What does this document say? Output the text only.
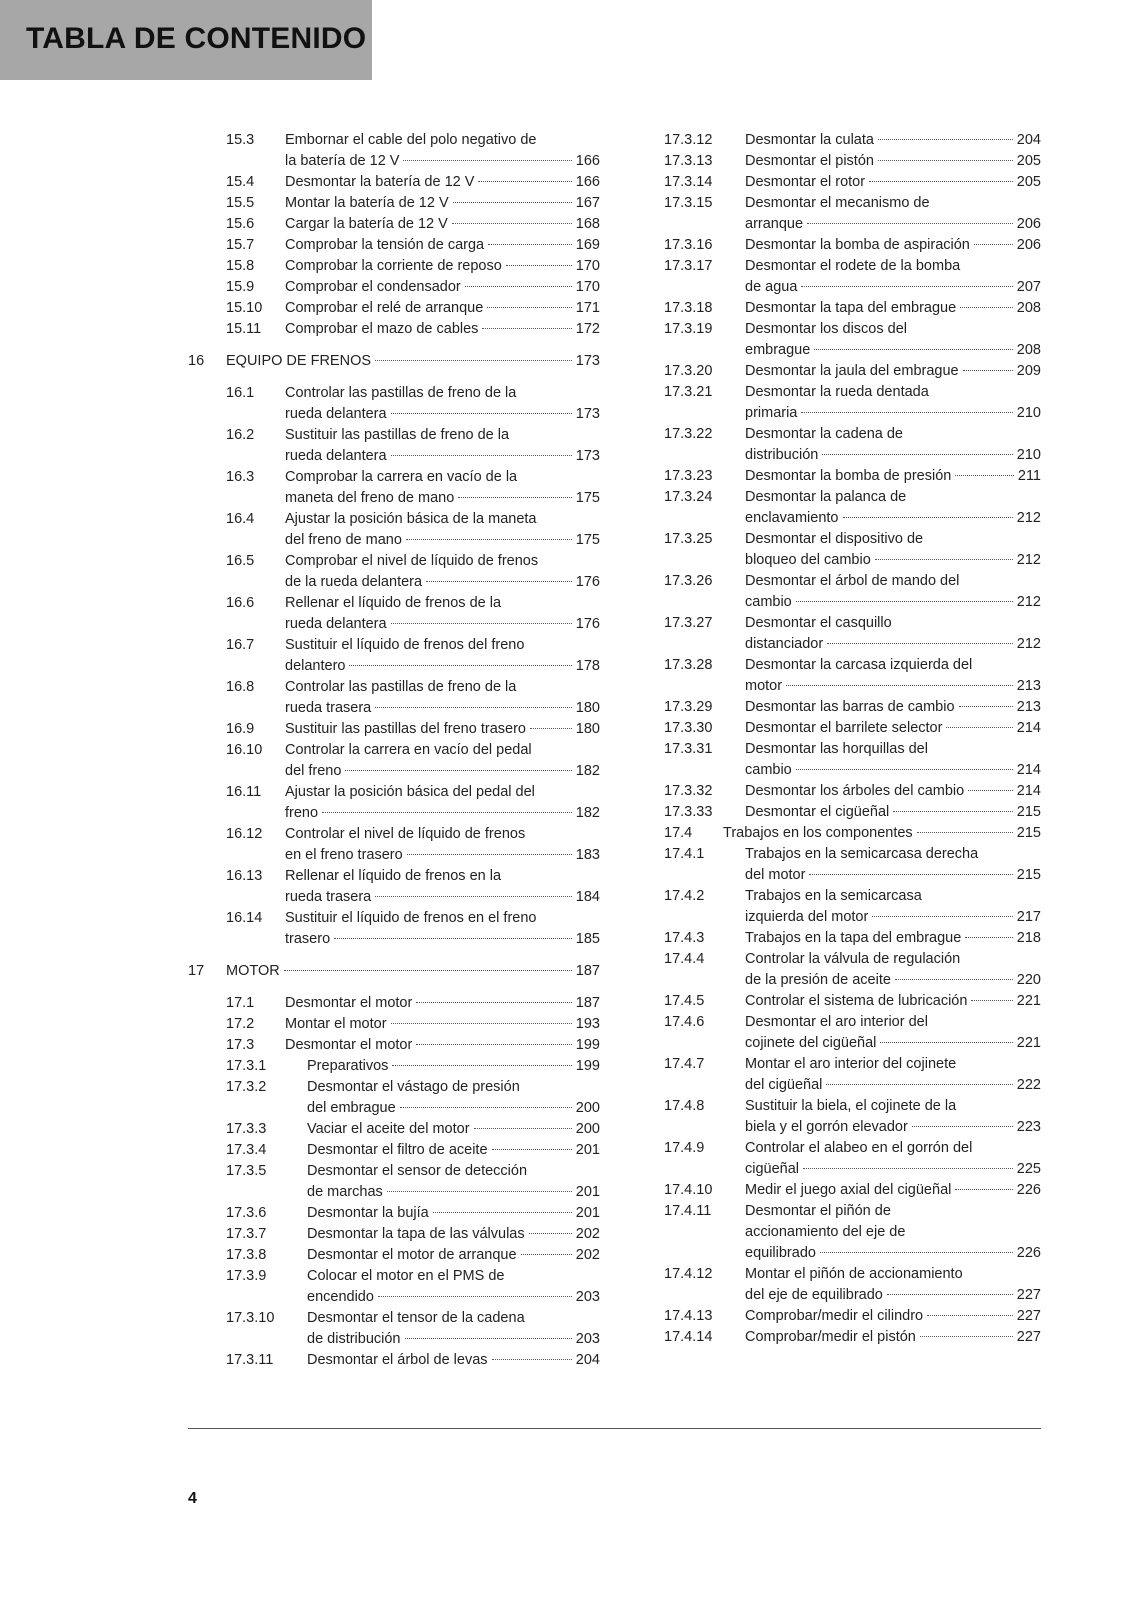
TABLA DE CONTENIDO
15.3	Embornar el cable del polo negativo de
la batería de 12 V	166
15.4	Desmontar la batería de 12 V	166
15.5	Montar la batería de 12 V	167
15.6	Cargar la batería de 12 V	168
15.7	Comprobar la tensión de carga	169
15.8	Comprobar la corriente de reposo	170
15.9	Comprobar el condensador	170
15.10	Comprobar el relé de arranque	171
15.11	Comprobar el mazo de cables	172
16	EQUIPO DE FRENOS	173
16.1	Controlar las pastillas de freno de la
rueda delantera	173
16.2	Sustituir las pastillas de freno de la
rueda delantera	173
16.3	Comprobar la carrera en vacío de la
maneta del freno de mano	175
16.4	Ajustar la posición básica de la maneta
del freno de mano	175
16.5	Comprobar el nivel de líquido de frenos
de la rueda delantera	176
16.6	Rellenar el líquido de frenos de la
rueda delantera	176
16.7	Sustituir el líquido de frenos del freno
delantero	178
16.8	Controlar las pastillas de freno de la
rueda trasera	180
16.9	Sustituir las pastillas del freno trasero	180
16.10	Controlar la carrera en vacío del pedal
del freno	182
16.11	Ajustar la posición básica del pedal del
freno	182
16.12	Controlar el nivel de líquido de frenos
en el freno trasero	183
16.13	Rellenar el líquido de frenos en la
rueda trasera	184
16.14	Sustituir el líquido de frenos en el freno
trasero	185
17	MOTOR	187
17.1	Desmontar el motor	187
17.2	Montar el motor	193
17.3	Desmontar el motor	199
17.3.1	Preparativos	199
17.3.2	Desmontar el vástago de presión
del embrague	200
17.3.3	Vaciar el aceite del motor	200
17.3.4	Desmontar el filtro de aceite	201
17.3.5	Desmontar el sensor de detección
de marchas	201
17.3.6	Desmontar la bujía	201
17.3.7	Desmontar la tapa de las válvulas	202
17.3.8	Desmontar el motor de arranque	202
17.3.9	Colocar el motor en el PMS de
encendido	203
17.3.10	Desmontar el tensor de la cadena
de distribución	203
17.3.11	Desmontar el árbol de levas	204
17.3.12	Desmontar la culata	204
17.3.13	Desmontar el pistón	205
17.3.14	Desmontar el rotor	205
17.3.15	Desmontar el mecanismo de
arranque	206
17.3.16	Desmontar la bomba de aspiración	206
17.3.17	Desmontar el rodete de la bomba
de agua	207
17.3.18	Desmontar la tapa del embrague	208
17.3.19	Desmontar los discos del
embrague	208
17.3.20	Desmontar la jaula del embrague	209
17.3.21	Desmontar la rueda dentada
primaria	210
17.3.22	Desmontar la cadena de
distribución	210
17.3.23	Desmontar la bomba de presión	211
17.3.24	Desmontar la palanca de
enclavamiento	212
17.3.25	Desmontar el dispositivo de
bloqueo del cambio	212
17.3.26	Desmontar el árbol de mando del
cambio	212
17.3.27	Desmontar el casquillo
distanciador	212
17.3.28	Desmontar la carcasa izquierda del
motor	213
17.3.29	Desmontar las barras de cambio	213
17.3.30	Desmontar el barrilete selector	214
17.3.31	Desmontar las horquillas del
cambio	214
17.3.32	Desmontar los árboles del cambio	214
17.3.33	Desmontar el cigüeñal	215
17.4	Trabajos en los componentes	215
17.4.1	Trabajos en la semicarcasa derecha
del motor	215
17.4.2	Trabajos en la semicarcasa
izquierda del motor	217
17.4.3	Trabajos en la tapa del embrague	218
17.4.4	Controlar la válvula de regulación
de la presión de aceite	220
17.4.5	Controlar el sistema de lubricación	221
17.4.6	Desmontar el aro interior del
cojinete del cigüeñal	221
17.4.7	Montar el aro interior del cojinete
del cigüeñal	222
17.4.8	Sustituir la biela, el cojinete de la
biela y el gorrón elevador	223
17.4.9	Controlar el alabeo en el gorrón del
cigüeñal	225
17.4.10	Medir el juego axial del cigüeñal	226
17.4.11	Desmontar el piñón de
accionamiento del eje de
equilibrado	226
17.4.12	Montar el piñón de accionamiento
del eje de equilibrado	227
17.4.13	Comprobar/medir el cilindro	227
17.4.14	Comprobar/medir el pistón	227
4
